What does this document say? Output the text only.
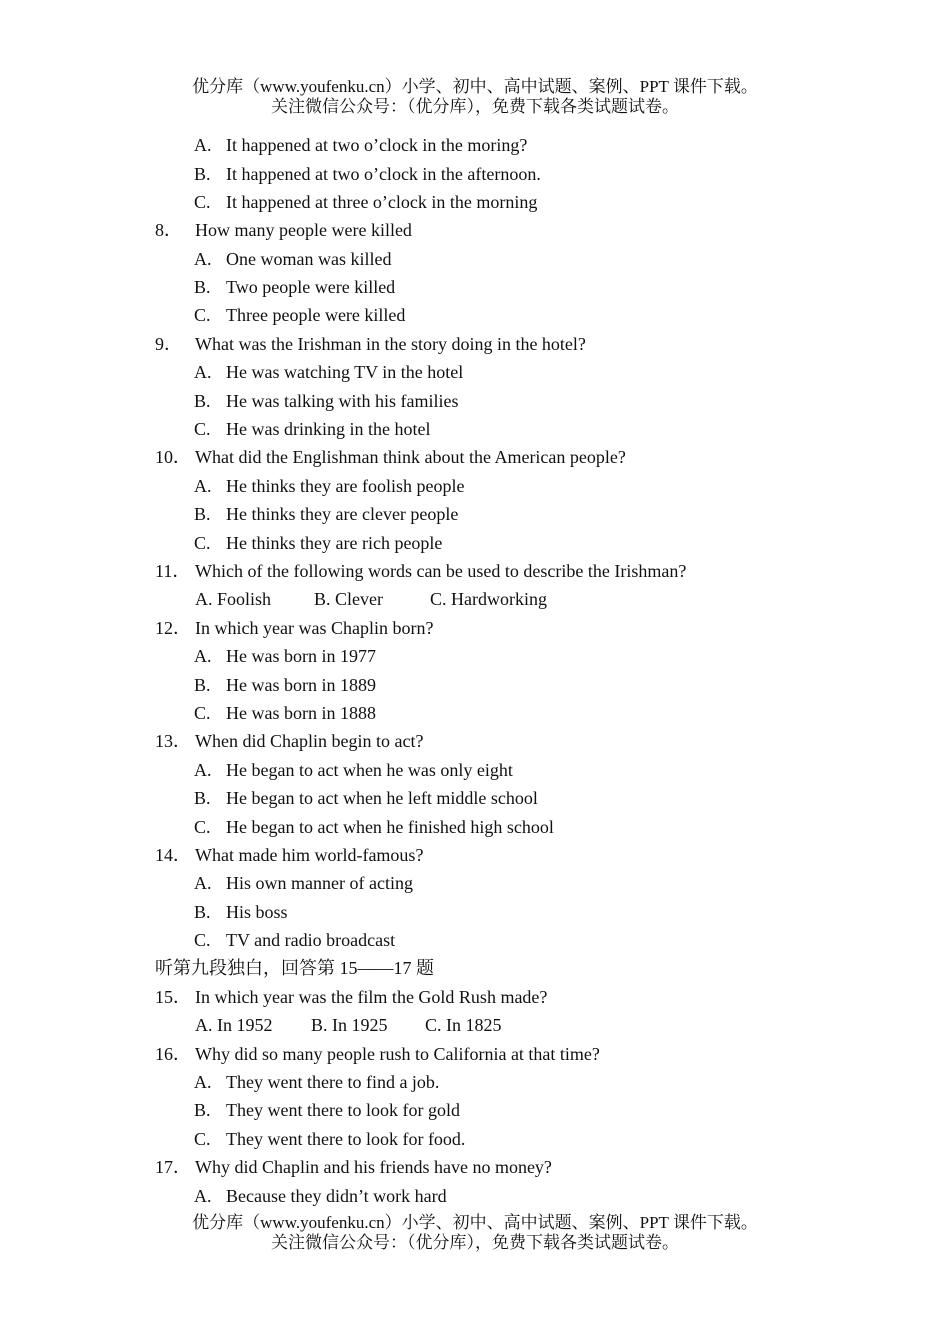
优分库（www.youfenku.cn）小学、初中、高中试题、案例、PPT 课件下载。
关注微信公众号：（优分库），免费下载各类试题试卷。
A. It happened at two o’clock in the moring?
B. It happened at two o’clock in the afternoon.
C. It happened at three o’clock in the morning
8． How many people were killed
A. One woman was killed
B. Two people were killed
C. Three people were killed
9． What was the Irishman in the story doing in the hotel?
A. He was watching TV in the hotel
B. He was talking with his families
C. He was drinking in the hotel
10． What did the Englishman think about the American people?
A. He thinks they are foolish people
B. He thinks they are clever people
C. He thinks they are rich people
11． Which of the following words can be used to describe the Irishman?
A. Foolish B. Clever	C. Hardworking
12． In which year was Chaplin born?
A. He was born in 1977
B. He was born in 1889
C. He was born in 1888
13． When did Chaplin begin to act?
A. He began to act when he was only eight
B. He began to act when he left middle school
C. He began to act when he finished high school
14． What made him world-famous?
A. His own manner of acting
B. His boss
C. TV and radio broadcast
听第九段独白，回答第 15——17 题
15． In which year was the film the Gold Rush made?
A. In 1952 B. In 1925 C. In 1825
16． Why did so many people rush to California at that time?
A. They went there to find a job.
B. They went there to look for gold
C. They went there to look for food.
17． Why did Chaplin and his friends have no money?
A. Because they didn’t work hard
优分库（www.youfenku.cn）小学、初中、高中试题、案例、PPT 课件下载。
关注微信公众号：（优分库），免费下载各类试题试卷。
